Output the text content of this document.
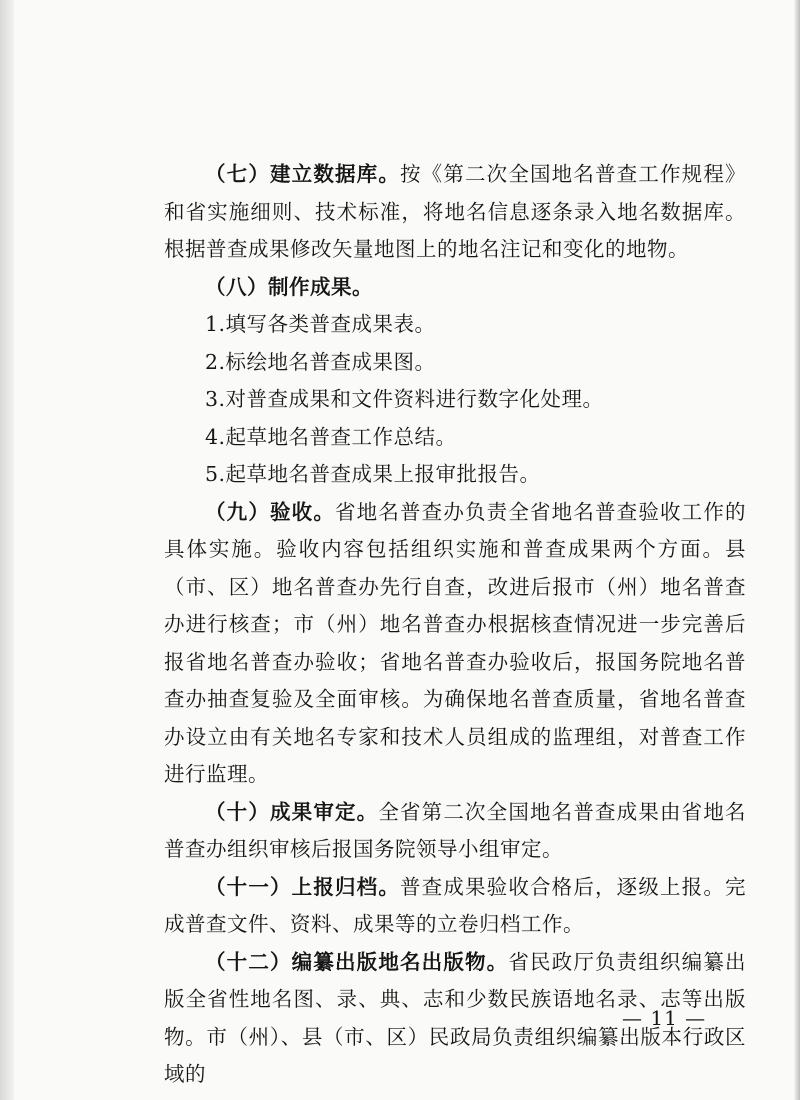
（七）建立数据库。按《第二次全国地名普查工作规程》和省实施细则、技术标准，将地名信息逐条录入地名数据库。根据普查成果修改矢量地图上的地名注记和变化的地物。

（八）制作成果。

1.填写各类普查成果表。

2.标绘地名普查成果图。

3.对普查成果和文件资料进行数字化处理。

4.起草地名普查工作总结。

5.起草地名普查成果上报审批报告。

（九）验收。省地名普查办负责全省地名普查验收工作的具体实施。验收内容包括组织实施和普查成果两个方面。县（市、区）地名普查办先行自查，改进后报市（州）地名普查办进行核查；市（州）地名普查办根据核查情况进一步完善后报省地名普查办验收；省地名普查办验收后，报国务院地名普查办抽查复验及全面审核。为确保地名普查质量，省地名普查办设立由有关地名专家和技术人员组成的监理组，对普查工作进行监理。

（十）成果审定。全省第二次全国地名普查成果由省地名普查办组织审核后报国务院领导小组审定。

（十一）上报归档。普查成果验收合格后，逐级上报。完成普查文件、资料、成果等的立卷归档工作。

（十二）编纂出版地名出版物。省民政厅负责组织编纂出版全省性地名图、录、典、志和少数民族语地名录、志等出版物。市（州）、县（市、区）民政局负责组织编纂出版本行政区域的

— 11 —
